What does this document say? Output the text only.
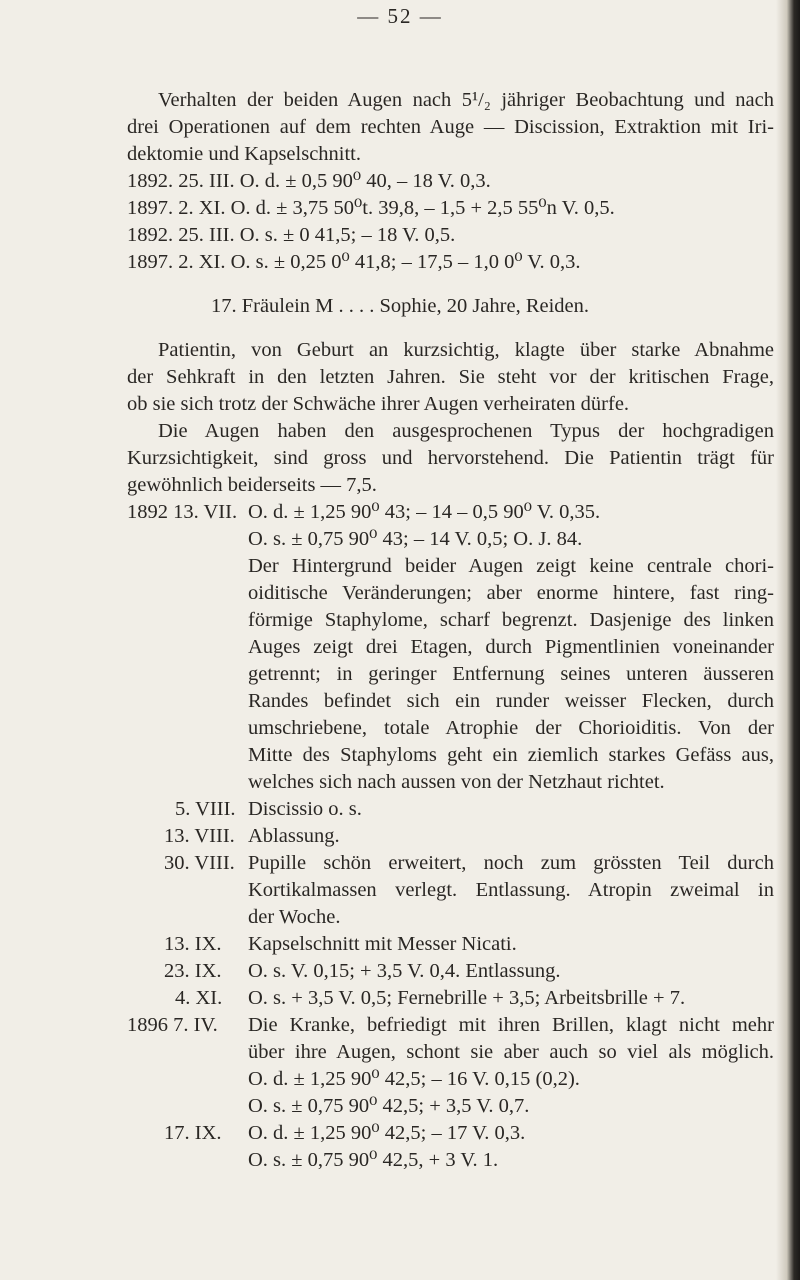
— 52 —
Verhalten der beiden Augen nach 5¹/₂ jähriger Beobachtung und nach
drei Operationen auf dem rechten Auge — Discission, Extraktion mit Iri-
dektomie und Kapselschnitt.
1892. 25. III. O. d. ± 0,5 90⁰ 40, – 18 V. 0,3.
1897. 2. XI. O. d. ± 3,75 50⁰t. 39,8, – 1,5 + 2,5 55⁰n V. 0,5.
1892. 25. III. O. s. ± 0 41,5; – 18 V. 0,5.
1897. 2. XI. O. s. ± 0,25 0⁰ 41,8; – 17,5 – 1,0 0⁰ V. 0,3.
17. Fräulein M . . . . Sophie, 20 Jahre, Reiden.
Patientin, von Geburt an kurzsichtig, klagte über starke Abnahme
der Sehkraft in den letzten Jahren. Sie steht vor der kritischen Frage,
ob sie sich trotz der Schwäche ihrer Augen verheiraten dürfe.
Die Augen haben den ausgesprochenen Typus der hochgradigen
Kurzsichtigkeit, sind gross und hervorstehend. Die Patientin trägt für
gewöhnlich beiderseits — 7,5.
1892 13. VII. O. d. ± 1,25 90⁰ 43; – 14 – 0,5 90⁰ V. 0,35.
O. s. ± 0,75 90⁰ 43; – 14 V. 0,5; O. J. 84.
Der Hintergrund beider Augen zeigt keine centrale chori-
oiditische Veränderungen; aber enorme hintere, fast ring-
förmige Staphylome, scharf begrenzt. Dasjenige des linken
Auges zeigt drei Etagen, durch Pigmentlinien voneinander
getrennt; in geringer Entfernung seines unteren äusseren
Randes befindet sich ein runder weisser Flecken, durch
umschriebene, totale Atrophie der Chorioiditis. Von der
Mitte des Staphyloms geht ein ziemlich starkes Gefäss aus,
welches sich nach aussen von der Netzhaut richtet.
5. VIII. Discissio o. s.
13. VIII. Ablassung.
30. VIII. Pupille schön erweitert, noch zum grössten Teil durch
Kortikalmassen verlegt. Entlassung. Atropin zweimal in
der Woche.
13. IX. Kapselschnitt mit Messer Nicati.
23. IX. O. s. V. 0,15; + 3,5 V. 0,4. Entlassung.
4. XI. O. s. + 3,5 V. 0,5; Fernebrille + 3,5; Arbeitsbrille + 7.
1896 7. IV. Die Kranke, befriedigt mit ihren Brillen, klagt nicht mehr
über ihre Augen, schont sie aber auch so viel als möglich.
O. d. ± 1,25 90⁰ 42,5; – 16 V. 0,15 (0,2).
O. s. ± 0,75 90⁰ 42,5; + 3,5 V. 0,7.
17. IX. O. d. ± 1,25 90⁰ 42,5; – 17 V. 0,3.
O. s. ± 0,75 90⁰ 42,5, + 3 V. 1.
